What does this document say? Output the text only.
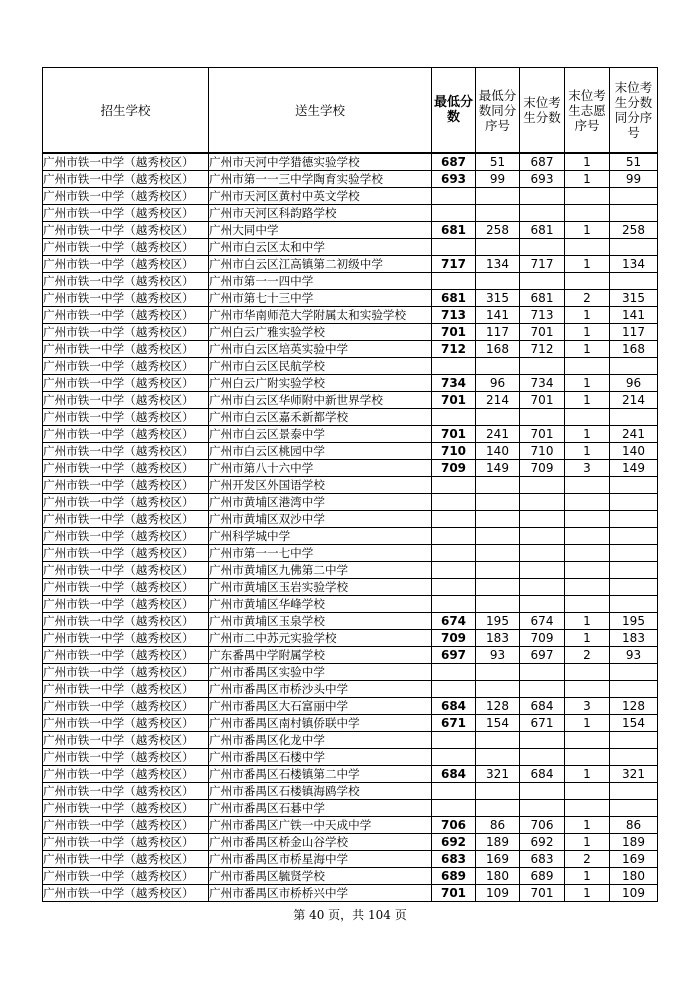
招生学校	送生学校	最低分数	最低分数同分序号	末位考生分数	末位考生志愿序号	末位考生分数同分序号
广州市铁一中学（越秀校区）	广州市天河中学猎德实验学校	687	51	687	1	51
广州市铁一中学（越秀校区）	广州市第一一三中学陶育实验学校	693	99	693	1	99
广州市铁一中学（越秀校区）	广州市天河区黄村中英文学校					
广州市铁一中学（越秀校区）	广州市天河区科韵路学校					
广州市铁一中学（越秀校区）	广州大同中学	681	258	681	1	258
广州市铁一中学（越秀校区）	广州市白云区太和中学					
广州市铁一中学（越秀校区）	广州市白云区江高镇第二初级中学	717	134	717	1	134
广州市铁一中学（越秀校区）	广州市第一一四中学					
广州市铁一中学（越秀校区）	广州市第七十三中学	681	315	681	2	315
广州市铁一中学（越秀校区）	广州市华南师范大学附属太和实验学校	713	141	713	1	141
广州市铁一中学（越秀校区）	广州白云广雅实验学校	701	117	701	1	117
广州市铁一中学（越秀校区）	广州市白云区培英实验中学	712	168	712	1	168
广州市铁一中学（越秀校区）	广州市白云区民航学校					
广州市铁一中学（越秀校区）	广州白云广附实验学校	734	96	734	1	96
广州市铁一中学（越秀校区）	广州市白云区华师附中新世界学校	701	214	701	1	214
广州市铁一中学（越秀校区）	广州市白云区嘉禾新都学校					
广州市铁一中学（越秀校区）	广州市白云区景泰中学	701	241	701	1	241
广州市铁一中学（越秀校区）	广州市白云区桃园中学	710	140	710	1	140
广州市铁一中学（越秀校区）	广州市第八十六中学	709	149	709	3	149
广州市铁一中学（越秀校区）	广州开发区外国语学校					
广州市铁一中学（越秀校区）	广州市黄埔区港湾中学					
广州市铁一中学（越秀校区）	广州市黄埔区双沙中学					
广州市铁一中学（越秀校区）	广州科学城中学					
广州市铁一中学（越秀校区）	广州市第一一七中学					
广州市铁一中学（越秀校区）	广州市黄埔区九佛第二中学					
广州市铁一中学（越秀校区）	广州市黄埔区玉岩实验学校					
广州市铁一中学（越秀校区）	广州市黄埔区华峰学校					
广州市铁一中学（越秀校区）	广州市黄埔区玉泉学校	674	195	674	1	195
广州市铁一中学（越秀校区）	广州市二中苏元实验学校	709	183	709	1	183
广州市铁一中学（越秀校区）	广东番禺中学附属学校	697	93	697	2	93
广州市铁一中学（越秀校区）	广州市番禺区实验中学					
广州市铁一中学（越秀校区）	广州市番禺区市桥沙头中学					
广州市铁一中学（越秀校区）	广州市番禺区大石富丽中学	684	128	684	3	128
广州市铁一中学（越秀校区）	广州市番禺区南村镇侨联中学	671	154	671	1	154
广州市铁一中学（越秀校区）	广州市番禺区化龙中学					
广州市铁一中学（越秀校区）	广州市番禺区石楼中学					
广州市铁一中学（越秀校区）	广州市番禺区石楼镇第二中学	684	321	684	1	321
广州市铁一中学（越秀校区）	广州市番禺区石楼镇海鸥学校					
广州市铁一中学（越秀校区）	广州市番禺区石碁中学					
广州市铁一中学（越秀校区）	广州市番禺区广铁一中天成中学	706	86	706	1	86
广州市铁一中学（越秀校区）	广州市番禺区桥金山谷学校	692	189	692	1	189
广州市铁一中学（越秀校区）	广州市番禺区市桥星海中学	683	169	683	2	169
广州市铁一中学（越秀校区）	广州市番禺区毓贤学校	689	180	689	1	180
广州市铁一中学（越秀校区）	广州市番禺区市桥桥兴中学	701	109	701	1	109
第 40 页，共 104 页
